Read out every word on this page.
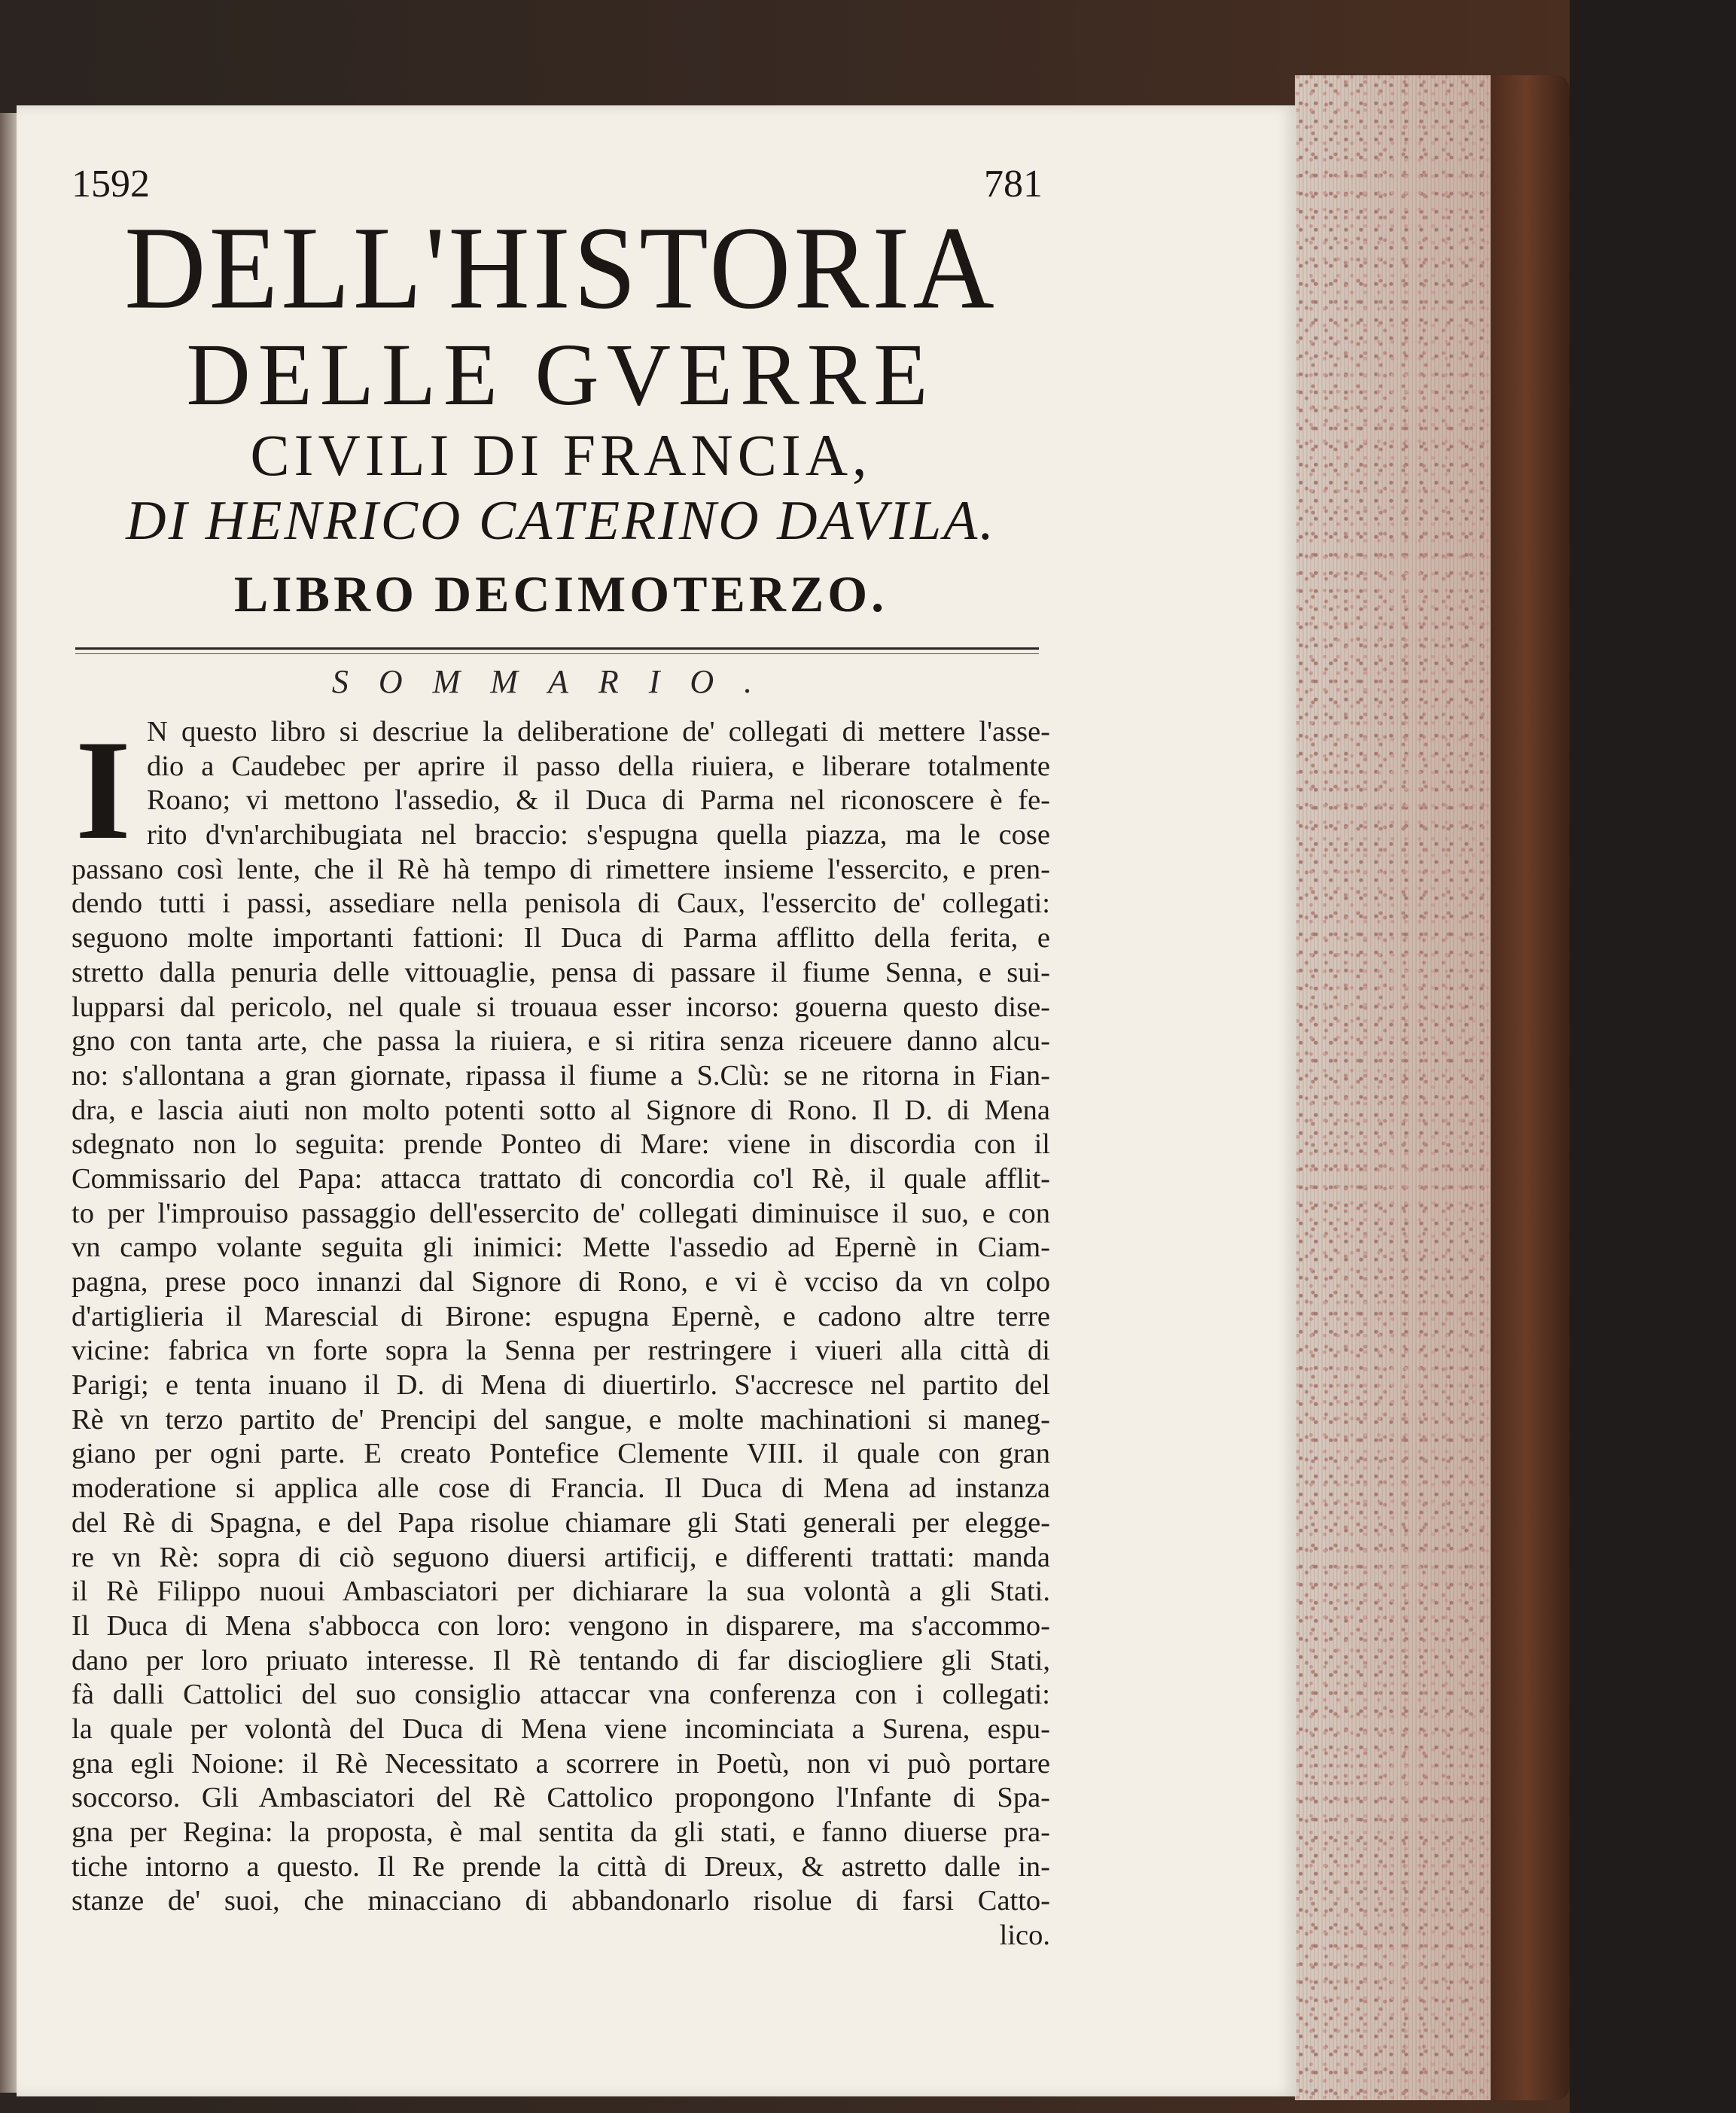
1592	781
DELL'HISTORIA
DELLE GVERRE
CIVILI DI FRANCIA,
DI HENRICO CATERINO DAVILA.
LIBRO DECIMOTERZO.
SOMMARIO.
I N questo libro si descriue la deliberatione de' collegati di mettere l'asse-
dio a Caudebec per aprire il passo della riuiera, e liberare totalmente
Roano; vi mettono l'assedio, & il Duca di Parma nel riconoscere è fe-
rito d'vn'archibugiata nel braccio: s'espugna quella piazza, ma le cose
passano così lente, che il Rè hà tempo di rimettere insieme l'essercito, e pren-
dendo tutti i passi, assediare nella penisola di Caux, l'essercito de' collegati:
seguono molte importanti fattioni: Il Duca di Parma afflitto della ferita, e
stretto dalla penuria delle vittouaglie, pensa di passare il fiume Senna, e sui-
lupparsi dal pericolo, nel quale si trouaua esser incorso: gouerna questo dise-
gno con tanta arte, che passa la riuiera, e si ritira senza riceuere danno alcu-
no: s'allontana a gran giornate, ripassa il fiume a S.Clù: se ne ritorna in Fian-
dra, e lascia aiuti non molto potenti sotto al Signore di Rono. Il D. di Mena
sdegnato non lo seguita: prende Ponteo di Mare: viene in discordia con il
Commissario del Papa: attacca trattato di concordia co'l Rè, il quale afflit-
to per l'improuiso passaggio dell'essercito de' collegati diminuisce il suo, e con
vn campo volante seguita gli inimici: Mette l'assedio ad Epernè in Ciam-
pagna, prese poco innanzi dal Signore di Rono, e vi è vcciso da vn colpo
d'artiglieria il Marescial di Birone: espugna Epernè, e cadono altre terre
vicine: fabrica vn forte sopra la Senna per restringere i viueri alla città di
Parigi; e tenta inuano il D. di Mena di diuertirlo. S'accresce nel partito del
Rè vn terzo partito de' Prencipi del sangue, e molte machinationi si maneg-
giano per ogni parte. E creato Pontefice Clemente VIII. il quale con gran
moderatione si applica alle cose di Francia. Il Duca di Mena ad instanza
del Rè di Spagna, e del Papa risolue chiamare gli Stati generali per elegge-
re vn Rè: sopra di ciò seguono diuersi artificij, e differenti trattati: manda
il Rè Filippo nuoui Ambasciatori per dichiarare la sua volontà a gli Stati.
Il Duca di Mena s'abbocca con loro: vengono in dispareге, ma s'accommo-
dano per loro priuato interesse. Il Rè tentando di far disciogliere gli Stati,
fà dalli Cattolici del suo consiglio attaccar vna conferenza con i collegati:
la quale per volontà del Duca di Mena viene incominciata a Surena, espu-
gna egli Noione: il Rè Necessitato a scorrere in Poetù, non vi può portare
soccorso. Gli Ambasciatori del Rè Cattolico propongono l'Infante di Spa-
gna per Regina: la proposta, è mal sentita da gli stati, e fanno diuerse pra-
tiche intorno a questo. Il Re prende la città di Dreux, & astretto dalle in-
stanze de' suoi, che minacciano di abbandonarlo risolue di farsi Catto-
lico.
